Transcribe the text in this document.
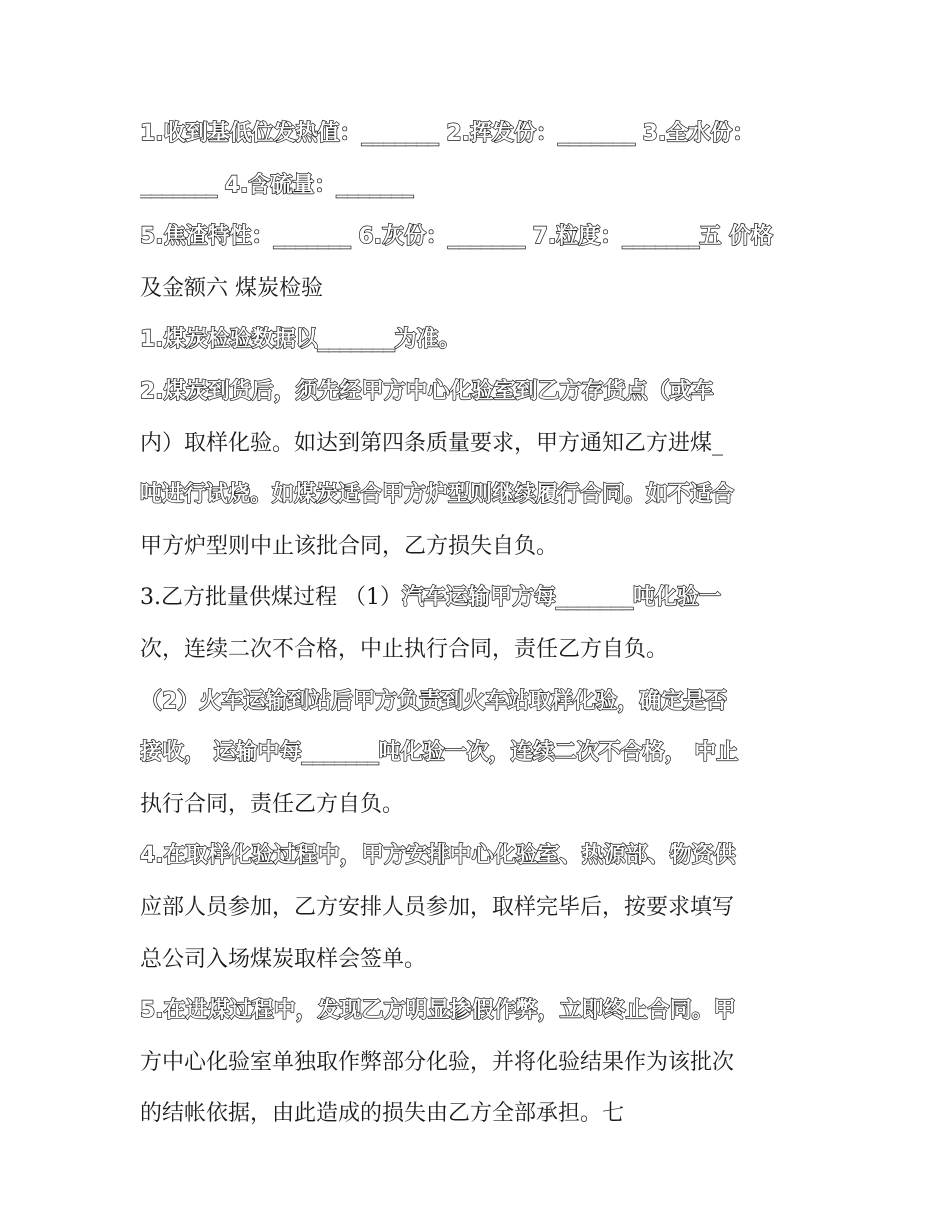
1.收到基低位发热值：_______ 2.挥发份：_______ 3.全水份：
_______ 4.含硫量：_______
5.焦渣特性：_______ 6.灰份：_______ 7.粒度：_______五 价格
及金额六 煤炭检验
1.煤炭检验数据以_______为准。
2.煤炭到货后，须先经甲方中心化验室到乙方存货点（或车
内）取样化验。如达到第四条质量要求，甲方通知乙方进煤_
吨进行试烧。如煤炭适合甲方炉型则继续履行合同。如不适合
甲方炉型则中止该批合同，乙方损失自负。
3.乙方批量供煤过程 （1）汽车运输甲方每_______吨化验一
次，连续二次不合格，中止执行合同，责任乙方自负。
（2）火车运输到站后甲方负责到火车站取样化验，确定是否
接收， 运输中每_______吨化验一次，连续二次不合格， 中止
执行合同，责任乙方自负。
4.在取样化验过程中，甲方安排中心化验室、热源部、物资供
应部人员参加，乙方安排人员参加，取样完毕后，按要求填写
总公司入场煤炭取样会签单。
5.在进煤过程中，发现乙方明显掺假作弊，立即终止合同。甲
方中心化验室单独取作弊部分化验，并将化验结果作为该批次
的结帐依据，由此造成的损失由乙方全部承担。七
